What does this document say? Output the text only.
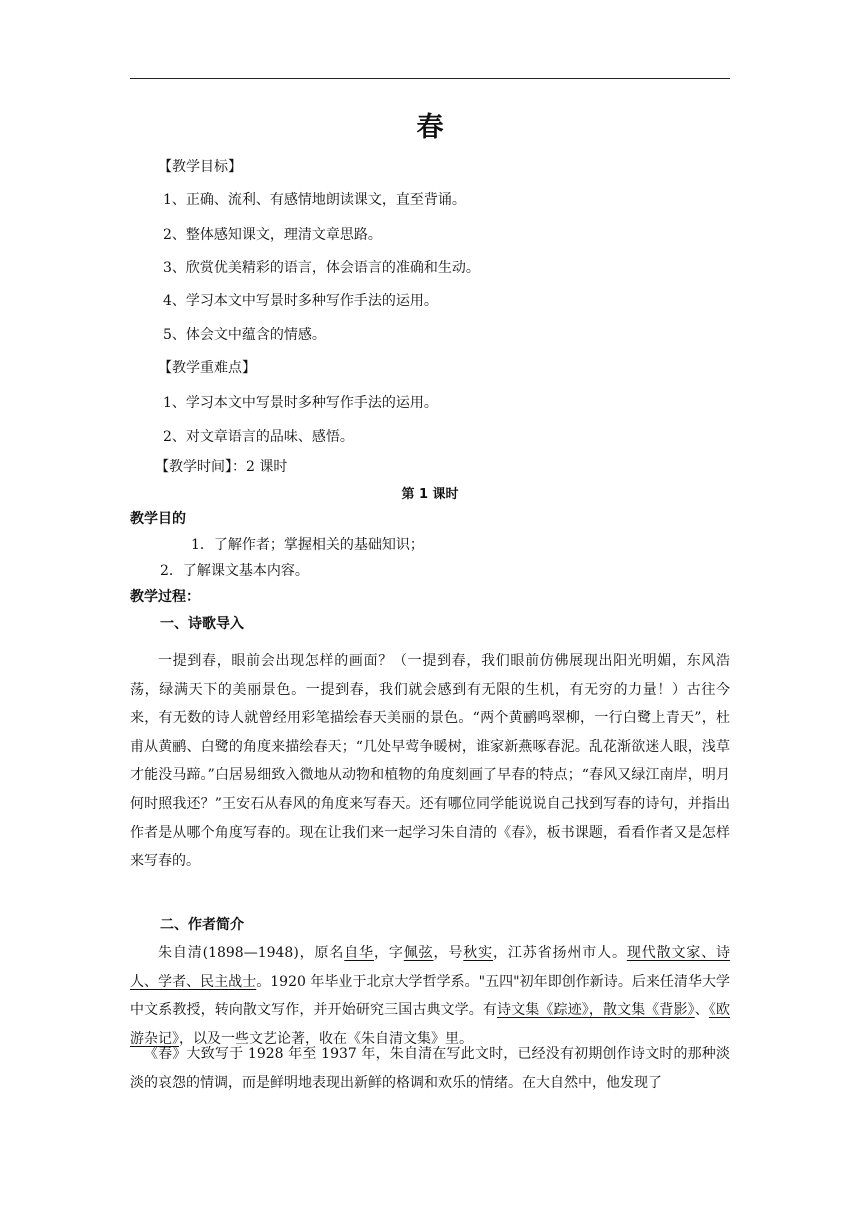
春
【教学目标】
1、正确、流利、有感情地朗读课文，直至背诵。
2、整体感知课文，理清文章思路。
3、欣赏优美精彩的语言，体会语言的准确和生动。
4、学习本文中写景时多种写作手法的运用。
5、体会文中蕴含的情感。
【教学重难点】
1、学习本文中写景时多种写作手法的运用。
2、对文章语言的品味、感悟。
【教学时间】：2 课时
第 1 课时
教学目的
1．了解作者；掌握相关的基础知识；
2．了解课文基本内容。
教学过程：
一、诗歌导入

一提到春，眼前会出现怎样的画面？（一提到春，我们眼前仿佛展现出阳光明媚，东风浩荡，绿满天下的美丽景色。一提到春，我们就会感到有无限的生机，有无穷的力量！）古往今来，有无数的诗人就曾经用彩笔描绘春天美丽的景色。“两个黄鹂鸣翠柳，一行白鹭上青天”，杜甫从黄鹂、白鹭的角度来描绘春天；“几处早莺争暖树，谁家新燕啄春泥。乱花渐欲迷人眼，浅草才能没马蹄。”白居易细致入微地从动物和植物的角度刻画了早春的特点；“春风又绿江南岸，明月何时照我还？”王安石从春风的角度来写春天。还有哪位同学能说说自己找到写春的诗句，并指出作者是从哪个角度写春的。现在让我们来一起学习朱自清的《春》，板书课题，看看作者又是怎样来写春的。

二、作者简介

朱自清(1898—1948)，原名自华，字佩弦，号秋实，江苏省扬州市人。现代散文家、诗人、学者、民主战士。1920 年毕业于北京大学哲学系。"五四"初年即创作新诗。后来任清华大学中文系教授，转向散文写作，并开始研究三国古典文学。有诗文集《踪迹》，散文集《背影》、《欧游杂记》，以及一些文艺论著，收在《朱自清文集》里。

《春》大致写于 1928 年至 1937 年，朱自清在写此文时，已经没有初期创作诗文时的那种淡淡的哀怨的情调，而是鲜明地表现出新鲜的格调和欢乐的情绪。在大自然中，他发现了
